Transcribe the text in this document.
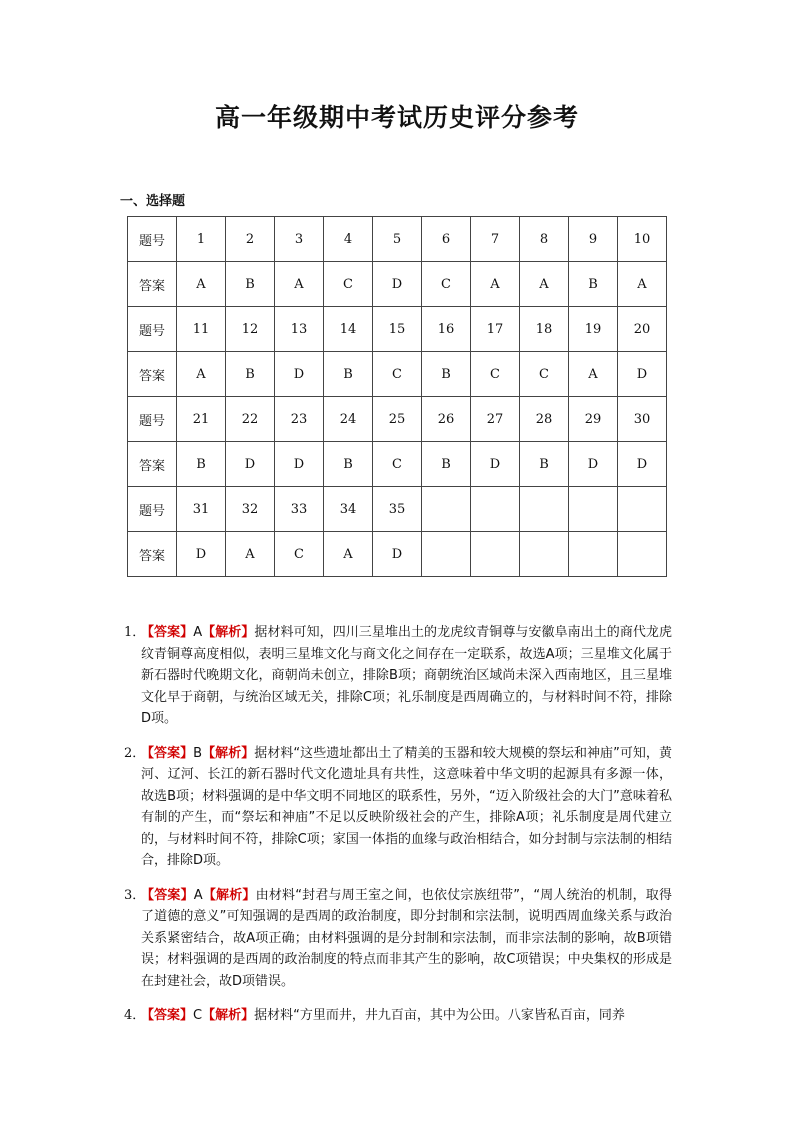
高一年级期中考试历史评分参考
一、选择题
题号	1	2	3	4	5	6	7	8	9	10
答案	A	B	A	C	D	C	A	A	B	A
题号	11	12	13	14	15	16	17	18	19	20
答案	A	B	D	B	C	B	C	C	A	D
题号	21	22	23	24	25	26	27	28	29	30
答案	B	D	D	B	C	B	D	B	D	D
题号	31	32	33	34	35					
答案	D	A	C	A	D					
1．
【答案】A【解析】据材料可知，四川三星堆出土的龙虎纹青铜尊与安徽阜南出土的商代龙虎纹青铜尊高度相似，表明三星堆文化与商文化之间存在一定联系，故选A项；三星堆文化属于新石器时代晚期文化，商朝尚未创立，排除B项；商朝统治区域尚未深入西南地区，且三星堆文化早于商朝，与统治区域无关，排除C项；礼乐制度是西周确立的，与材料时间不符，排除D项。
2．
【答案】B【解析】据材料“这些遗址都出土了精美的玉器和较大规模的祭坛和神庙”可知，黄河、辽河、长江的新石器时代文化遗址具有共性，这意味着中华文明的起源具有多源一体，故选B项；材料强调的是中华文明不同地区的联系性，另外，“迈入阶级社会的大门”意味着私有制的产生，而“祭坛和神庙”不足以反映阶级社会的产生，排除A项；礼乐制度是周代建立的，与材料时间不符，排除C项；家国一体指的血缘与政治相结合，如分封制与宗法制的相结合，排除D项。
3．
【答案】A【解析】由材料“封君与周王室之间，也依仗宗族纽带”，“周人统治的机制，取得了道德的意义”可知强调的是西周的政治制度，即分封制和宗法制，说明西周血缘关系与政治关系紧密结合，故A项正确；由材料强调的是分封制和宗法制，而非宗法制的影响，故B项错误；材料强调的是西周的政治制度的特点而非其产生的影响，故C项错误；中央集权的形成是在封建社会，故D项错误。
4．
【答案】C【解析】据材料“方里而井，井九百亩，其中为公田。八家皆私百亩，同养
